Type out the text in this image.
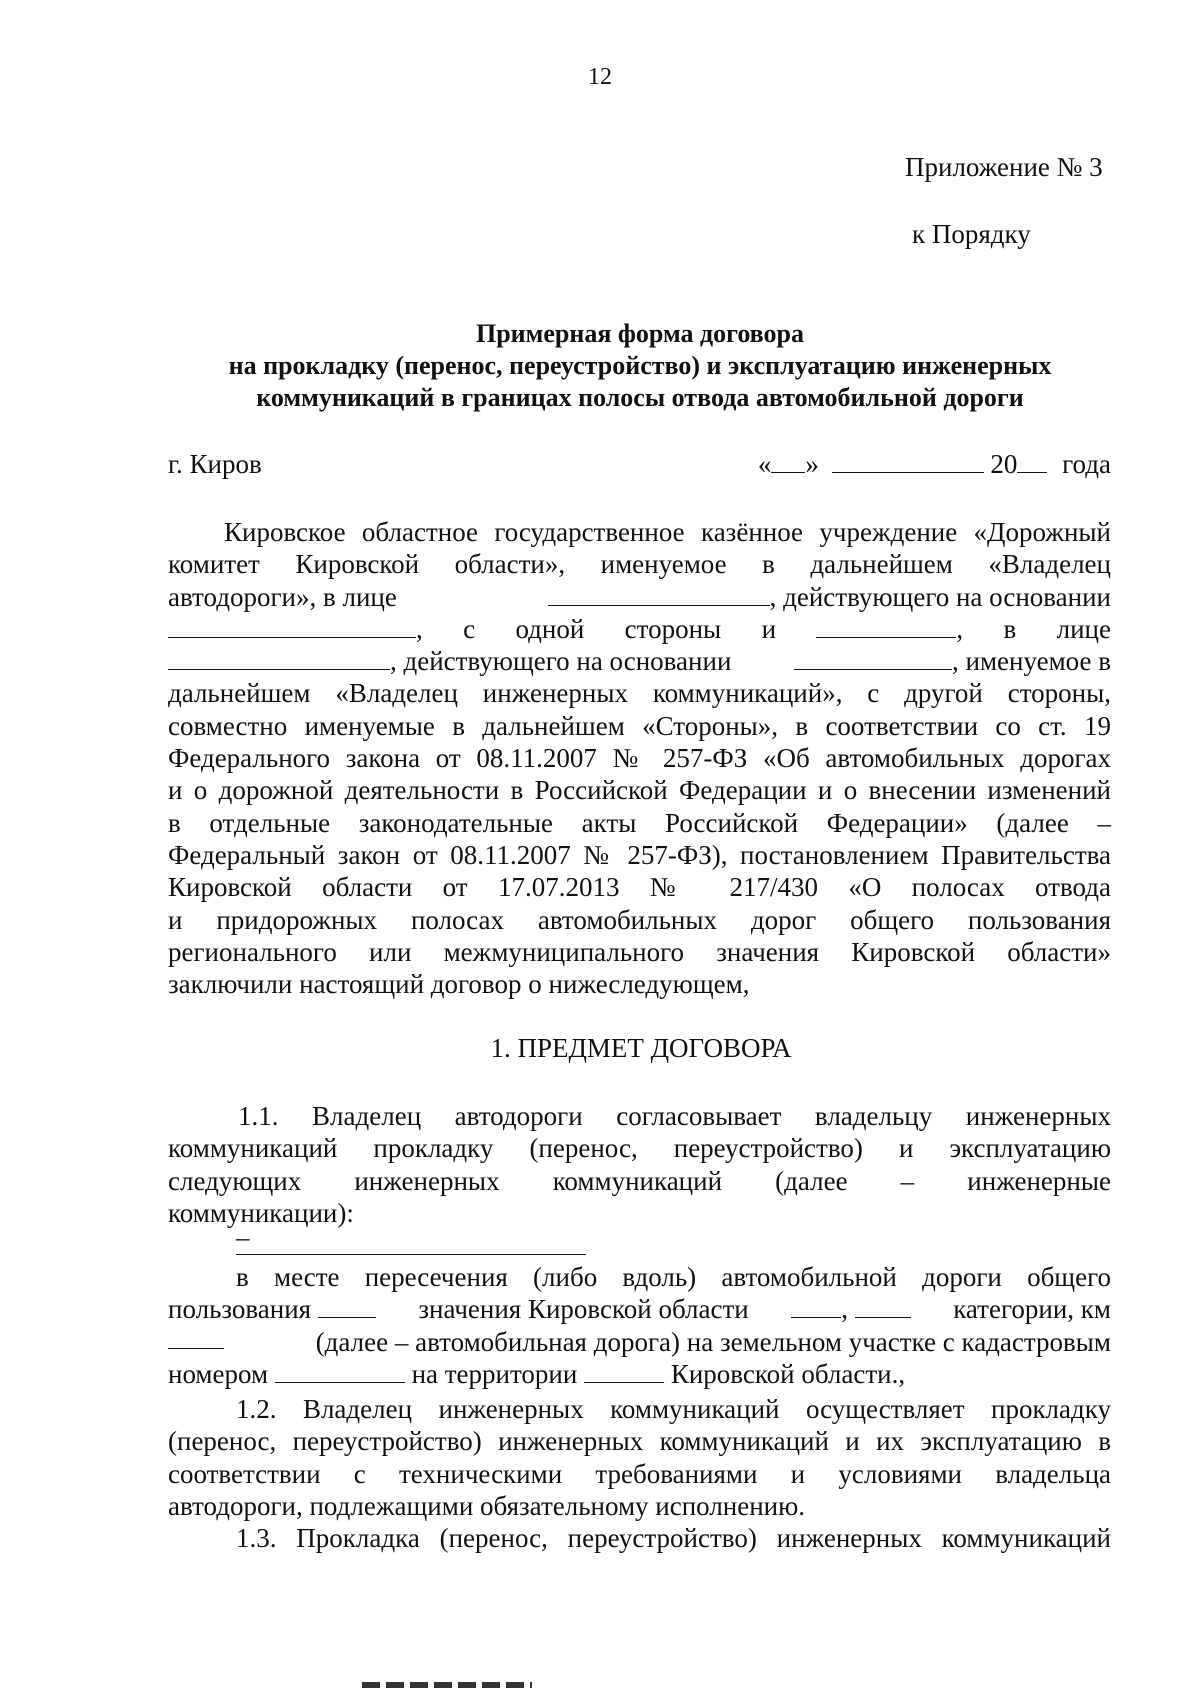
12
Приложение № 3
к Порядку
Примерная форма договора
на прокладку (перенос, переустройство) и эксплуатацию инженерных
коммуникаций в границах полосы отвода автомобильной дороги
г. Киров	« »	20 года
Кировское областное государственное казённое учреждение «Дорожный
комитет Кировской области», именуемое в дальнейшем «Владелец
автодороги», в лице	, действующего на основании
, с одной стороны и	, в лице
, действующего на основании	, именуемое в
дальнейшем «Владелец инженерных коммуникаций», с другой стороны,
совместно именуемые в дальнейшем «Стороны», в соответствии со ст. 19
Федерального закона от 08.11.2007 № 257-ФЗ «Об автомобильных дорогах
и о дорожной деятельности в Российской Федерации и о внесении изменений
в отдельные законодательные акты Российской Федерации» (далее –
Федеральный закон от 08.11.2007 № 257-ФЗ), постановлением Правительства
Кировской области от 17.07.2013 № 217/430 «О полосах отвода
и придорожных полосах автомобильных дорог общего пользования
регионального или межмуниципального значения Кировской области»
заключили настоящий договор о нижеследующем,
1. ПРЕДМЕТ ДОГОВОРА
1.1. Владелец автодороги согласовывает владельцу инженерных
коммуникаций прокладку (перенос, переустройство) и эксплуатацию
следующих инженерных коммуникаций (далее – инженерные
коммуникации):
–
в месте пересечения (либо вдоль) автомобильной дороги общего
пользования	значения Кировской области	,	категории, км
(далее – автомобильная дорога) на земельном участке с кадастровым
номером	на территории	Кировской области.,
1.2. Владелец инженерных коммуникаций осуществляет прокладку
(перенос, переустройство) инженерных коммуникаций и их эксплуатацию в
соответствии с техническими требованиями и условиями владельца
автодороги, подлежащими обязательному исполнению.
1.3. Прокладка (перенос, переустройство) инженерных коммуникаций
